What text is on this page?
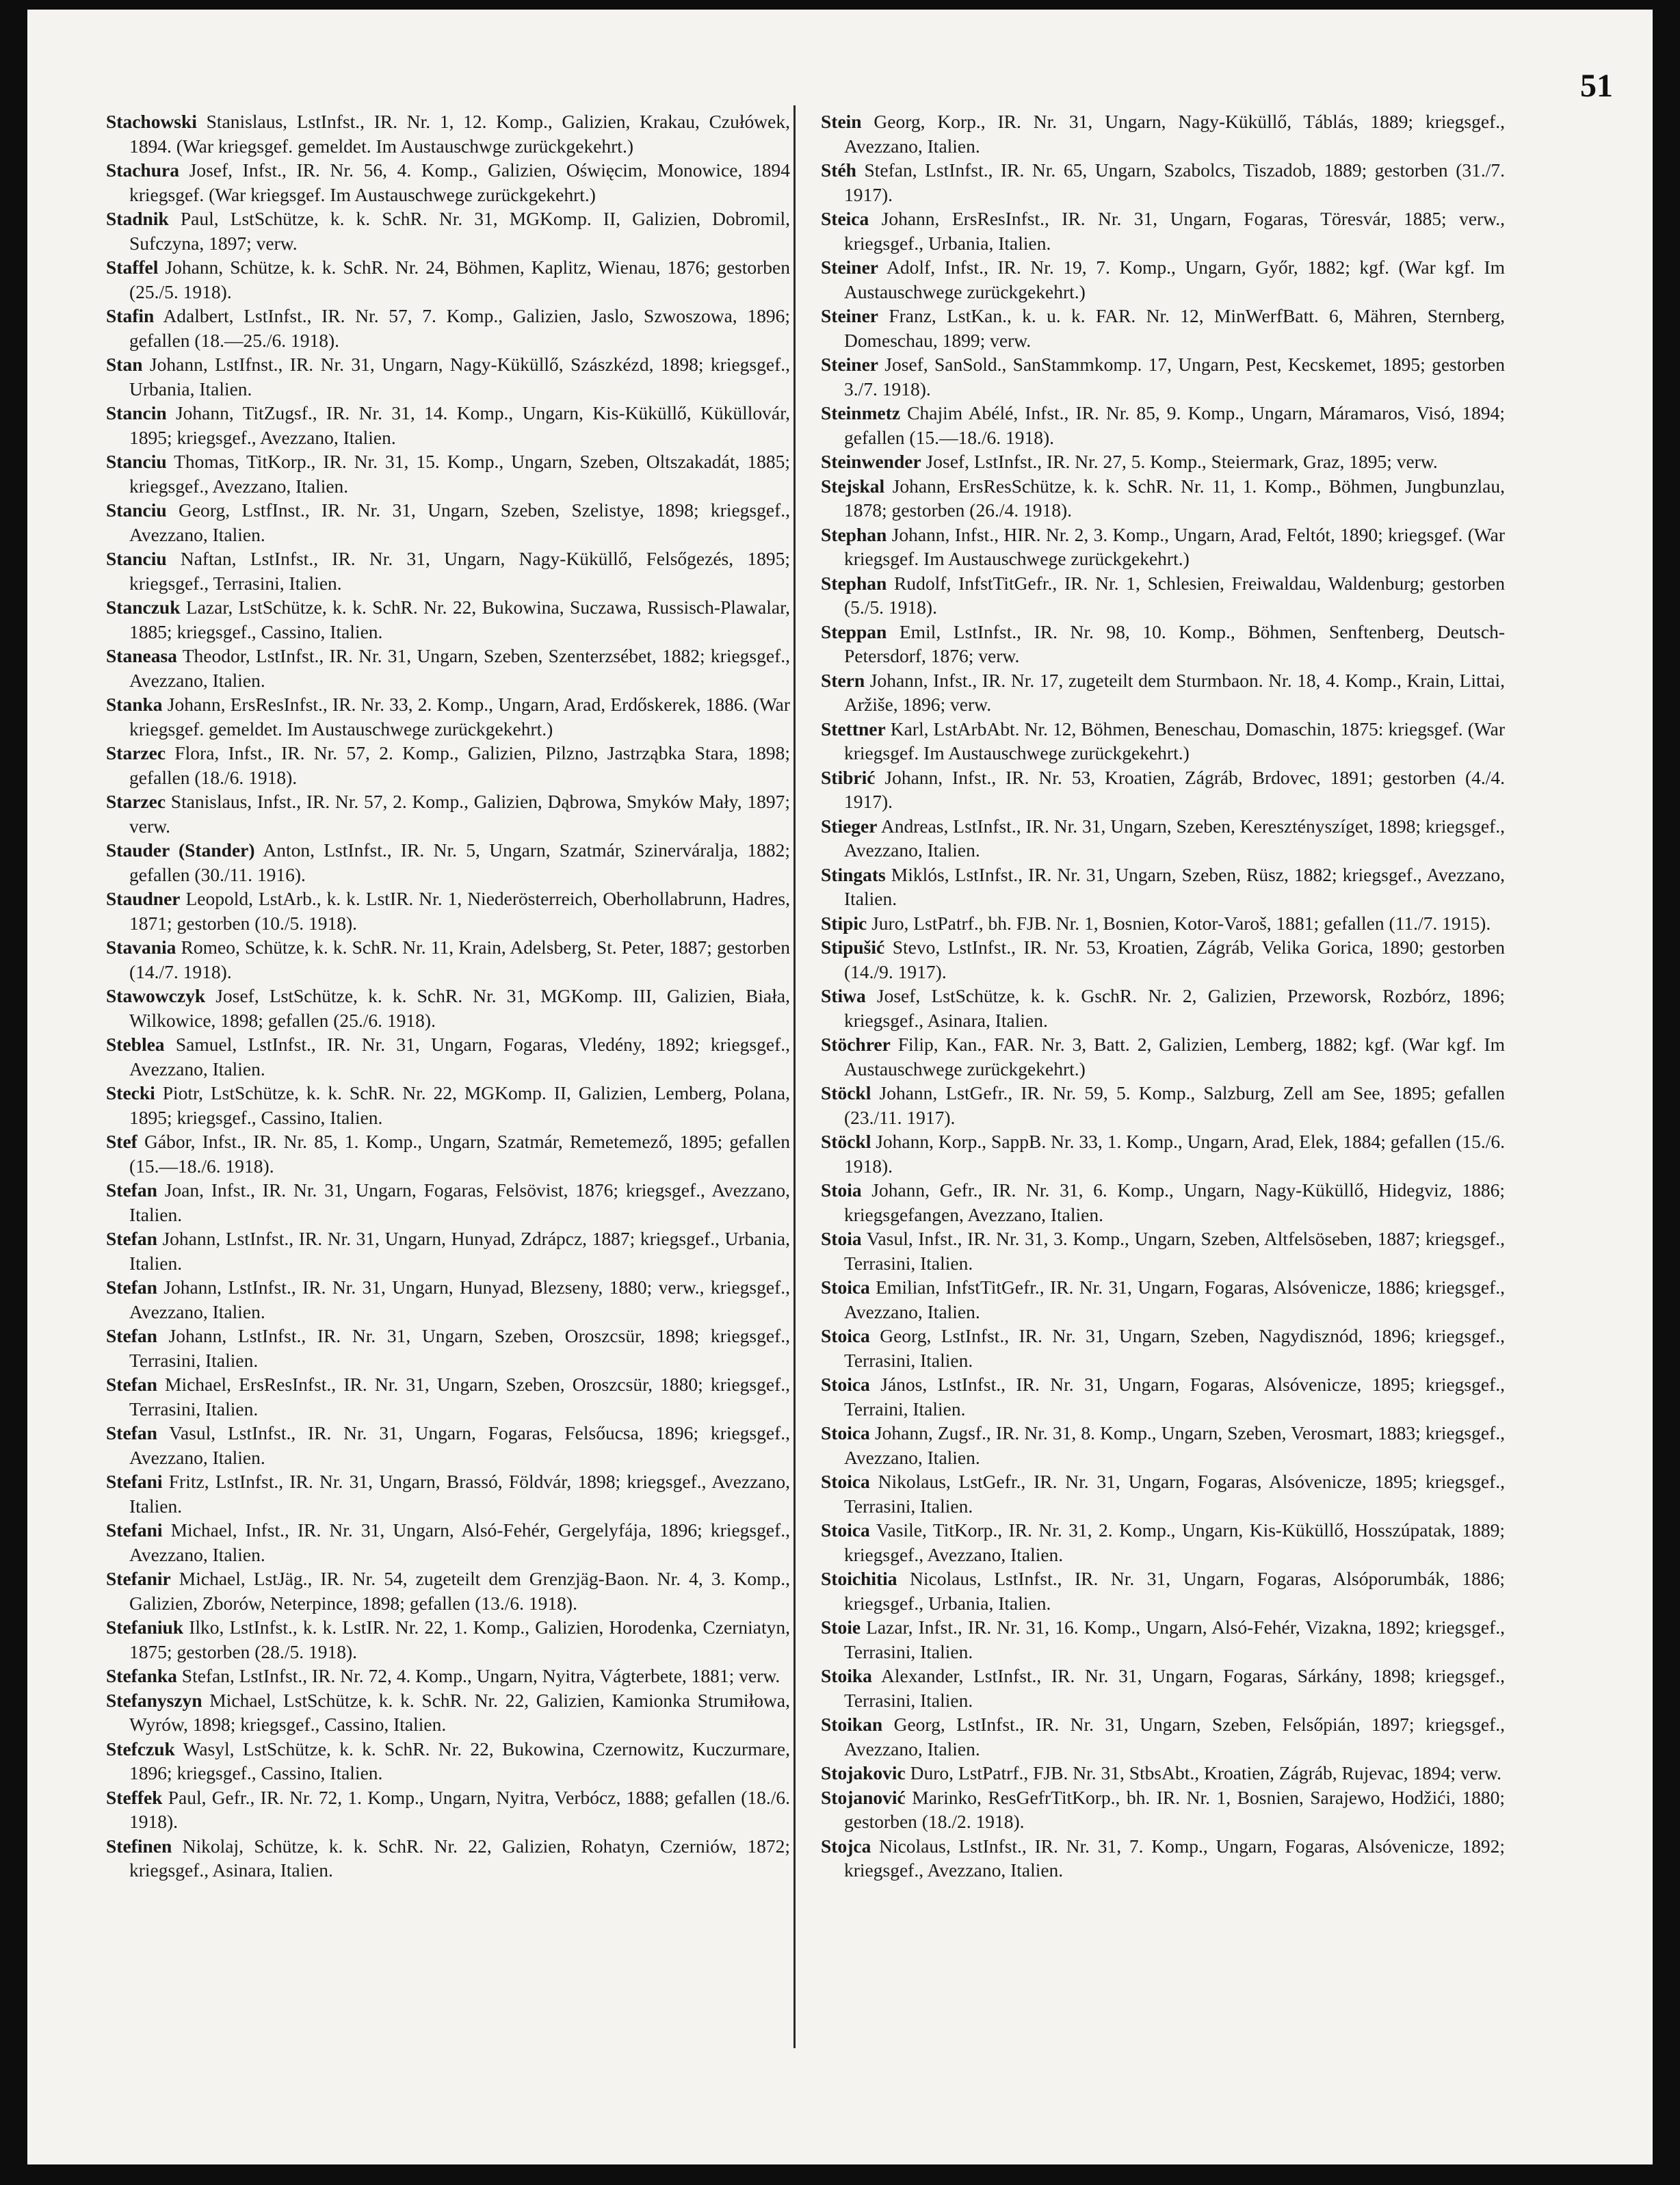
51

Stachowski Stanislaus, LstInfst., IR. Nr. 1, 12. Komp., Galizien, Krakau, Czułówek, 1894. (War kriegsgef. gemeldet. Im Austauschwge zurückgekehrt.)

Stachura Josef, Infst., IR. Nr. 56, 4. Komp., Galizien, Oświęcim, Monowice, 1894 kriegsgef. (War kriegsgef. Im Austauschwege zurückgekehrt.)

Stadnik Paul, LstSchütze, k. k. SchR. Nr. 31, MGKomp. II, Galizien, Dobromil, Sufczyna, 1897; verw.

Staffel Johann, Schütze, k. k. SchR. Nr. 24, Böhmen, Kaplitz, Wienau, 1876; gestorben (25./5. 1918).

Stafin Adalbert, LstInfst., IR. Nr. 57, 7. Komp., Galizien, Jaslo, Szwoszowa, 1896; gefallen (18.—25./6. 1918).

Stan Johann, LstIfnst., IR. Nr. 31, Ungarn, Nagy-Küküllő, Szászkézd, 1898; kriegsgef., Urbania, Italien.

Stancin Johann, TitZugsf., IR. Nr. 31, 14. Komp., Ungarn, Kis-Küküllő, Küküllovár, 1895; kriegsgef., Avezzano, Italien.

Stanciu Thomas, TitKorp., IR. Nr. 31, 15. Komp., Ungarn, Szeben, Oltszakadát, 1885; kriegsgef., Avezzano, Italien.

Stanciu Georg, LstfInst., IR. Nr. 31, Ungarn, Szeben, Szelistye, 1898; kriegsgef., Avezzano, Italien.

Stanciu Naftan, LstInfst., IR. Nr. 31, Ungarn, Nagy-Küküllő, Felsőgezés, 1895; kriegsgef., Terrasini, Italien.

Stanczuk Lazar, LstSchütze, k. k. SchR. Nr. 22, Bukowina, Suczawa, Russisch-Plawalar, 1885; kriegsgef., Cassino, Italien.

Staneasa Theodor, LstInfst., IR. Nr. 31, Ungarn, Szeben, Szenterzsébet, 1882; kriegsgef., Avezzano, Italien.

Stanka Johann, ErsResInfst., IR. Nr. 33, 2. Komp., Ungarn, Arad, Erdőskerek, 1886. (War kriegsgef. gemeldet. Im Austauschwege zurückgekehrt.)

Starzec Flora, Infst., IR. Nr. 57, 2. Komp., Galizien, Pilzno, Jastrząbka Stara, 1898; gefallen (18./6. 1918).

Starzec Stanislaus, Infst., IR. Nr. 57, 2. Komp., Galizien, Dąbrowa, Smyków Mały, 1897; verw.

Stauder (Stander) Anton, LstInfst., IR. Nr. 5, Ungarn, Szatmár, Szinerváralja, 1882; gefallen (30./11. 1916).

Staudner Leopold, LstArb., k. k. LstIR. Nr. 1, Niederösterreich, Oberhollabrunn, Hadres, 1871; gestorben (10./5. 1918).

Stavania Romeo, Schütze, k. k. SchR. Nr. 11, Krain, Adelsberg, St. Peter, 1887; gestorben (14./7. 1918).

Stawowczyk Josef, LstSchütze, k. k. SchR. Nr. 31, MGKomp. III, Galizien, Biała, Wilkowice, 1898; gefallen (25./6. 1918).

Steblea Samuel, LstInfst., IR. Nr. 31, Ungarn, Fogaras, Vledény, 1892; kriegsgef., Avezzano, Italien.

Stecki Piotr, LstSchütze, k. k. SchR. Nr. 22, MGKomp. II, Galizien, Lemberg, Polana, 1895; kriegsgef., Cassino, Italien.

Stef Gábor, Infst., IR. Nr. 85, 1. Komp., Ungarn, Szatmár, Remetemező, 1895; gefallen (15.—18./6. 1918).

Stefan Joan, Infst., IR. Nr. 31, Ungarn, Fogaras, Felsövist, 1876; kriegsgef., Avezzano, Italien.

Stefan Johann, LstInfst., IR. Nr. 31, Ungarn, Hunyad, Zdrápcz, 1887; kriegsgef., Urbania, Italien.

Stefan Johann, LstInfst., IR. Nr. 31, Ungarn, Hunyad, Blezseny, 1880; verw., kriegsgef., Avezzano, Italien.

Stefan Johann, LstInfst., IR. Nr. 31, Ungarn, Szeben, Oroszcsür, 1898; kriegsgef., Terrasini, Italien.

Stefan Michael, ErsResInfst., IR. Nr. 31, Ungarn, Szeben, Oroszcsür, 1880; kriegsgef., Terrasini, Italien.

Stefan Vasul, LstInfst., IR. Nr. 31, Ungarn, Fogaras, Felsőucsa, 1896; kriegsgef., Avezzano, Italien.

Stefani Fritz, LstInfst., IR. Nr. 31, Ungarn, Brassó, Földvár, 1898; kriegsgef., Avezzano, Italien.

Stefani Michael, Infst., IR. Nr. 31, Ungarn, Alsó-Fehér, Gergelyfája, 1896; kriegsgef., Avezzano, Italien.

Stefanir Michael, LstJäg., IR. Nr. 54, zugeteilt dem Grenzjäg-Baon. Nr. 4, 3. Komp., Galizien, Zborów, Neterpince, 1898; gefallen (13./6. 1918).

Stefaniuk Ilko, LstInfst., k. k. LstIR. Nr. 22, 1. Komp., Galizien, Horodenka, Czerniatyn, 1875; gestorben (28./5. 1918).

Stefanka Stefan, LstInfst., IR. Nr. 72, 4. Komp., Ungarn, Nyitra, Vágterbete, 1881; verw.

Stefanyszyn Michael, LstSchütze, k. k. SchR. Nr. 22, Galizien, Kamionka Strumiłowa, Wyrów, 1898; kriegsgef., Cassino, Italien.

Stefczuk Wasyl, LstSchütze, k. k. SchR. Nr. 22, Bukowina, Czernowitz, Kuczurmare, 1896; kriegsgef., Cassino, Italien.

Steffek Paul, Gefr., IR. Nr. 72, 1. Komp., Ungarn, Nyitra, Verbócz, 1888; gefallen (18./6. 1918).

Stefinen Nikolaj, Schütze, k. k. SchR. Nr. 22, Galizien, Rohatyn, Czerniów, 1872; kriegsgef., Asinara, Italien.

Stein Georg, Korp., IR. Nr. 31, Ungarn, Nagy-Küküllő, Táblás, 1889; kriegsgef., Avezzano, Italien.

Stéh Stefan, LstInfst., IR. Nr. 65, Ungarn, Szabolcs, Tiszadob, 1889; gestorben (31./7. 1917).

Steica Johann, ErsResInfst., IR. Nr. 31, Ungarn, Fogaras, Töresvár, 1885; verw., kriegsgef., Urbania, Italien.

Steiner Adolf, Infst., IR. Nr. 19, 7. Komp., Ungarn, Győr, 1882; kgf. (War kgf. Im Austauschwege zurückgekehrt.)

Steiner Franz, LstKan., k. u. k. FAR. Nr. 12, MinWerfBatt. 6, Mähren, Sternberg, Domeschau, 1899; verw.

Steiner Josef, SanSold., SanStammkomp. 17, Ungarn, Pest, Kecskemet, 1895; gestorben 3./7. 1918).

Steinmetz Chajim Abélé, Infst., IR. Nr. 85, 9. Komp., Ungarn, Máramaros, Visó, 1894; gefallen (15.—18./6. 1918).

Steinwender Josef, LstInfst., IR. Nr. 27, 5. Komp., Steiermark, Graz, 1895; verw.

Stejskal Johann, ErsResSchütze, k. k. SchR. Nr. 11, 1. Komp., Böhmen, Jungbunzlau, 1878; gestorben (26./4. 1918).

Stephan Johann, Infst., HIR. Nr. 2, 3. Komp., Ungarn, Arad, Feltót, 1890; kriegsgef. (War kriegsgef. Im Austauschwege zurückgekehrt.)

Stephan Rudolf, InfstTitGefr., IR. Nr. 1, Schlesien, Freiwaldau, Waldenburg; gestorben (5./5. 1918).

Steppan Emil, LstInfst., IR. Nr. 98, 10. Komp., Böhmen, Senftenberg, Deutsch-Petersdorf, 1876; verw.

Stern Johann, Infst., IR. Nr. 17, zugeteilt dem Sturmbaon. Nr. 18, 4. Komp., Krain, Littai, Aržiše, 1896; verw.

Stettner Karl, LstArbAbt. Nr. 12, Böhmen, Beneschau, Domaschin, 1875: kriegsgef. (War kriegsgef. Im Austauschwege zurückgekehrt.)

Stibrić Johann, Infst., IR. Nr. 53, Kroatien, Zágráb, Brdovec, 1891; gestorben (4./4. 1917).

Stieger Andreas, LstInfst., IR. Nr. 31, Ungarn, Szeben, Keresztényszíget, 1898; kriegsgef., Avezzano, Italien.

Stingats Miklós, LstInfst., IR. Nr. 31, Ungarn, Szeben, Rüsz, 1882; kriegsgef., Avezzano, Italien.

Stipic Juro, LstPatrf., bh. FJB. Nr. 1, Bosnien, Kotor-Varoš, 1881; gefallen (11./7. 1915).

Stipušić Stevo, LstInfst., IR. Nr. 53, Kroatien, Zágráb, Velika Gorica, 1890; gestorben (14./9. 1917).

Stiwa Josef, LstSchütze, k. k. GschR. Nr. 2, Galizien, Przeworsk, Rozbórz, 1896; kriegsgef., Asinara, Italien.

Stöchrer Filip, Kan., FAR. Nr. 3, Batt. 2, Galizien, Lemberg, 1882; kgf. (War kgf. Im Austauschwege zurückgekehrt.)

Stöckl Johann, LstGefr., IR. Nr. 59, 5. Komp., Salzburg, Zell am See, 1895; gefallen (23./11. 1917).

Stöckl Johann, Korp., SappB. Nr. 33, 1. Komp., Ungarn, Arad, Elek, 1884; gefallen (15./6. 1918).

Stoia Johann, Gefr., IR. Nr. 31, 6. Komp., Ungarn, Nagy-Küküllő, Hidegviz, 1886; kriegsgefangen, Avezzano, Italien.

Stoia Vasul, Infst., IR. Nr. 31, 3. Komp., Ungarn, Szeben, Altfelsöseben, 1887; kriegsgef., Terrasini, Italien.

Stoica Emilian, InfstTitGefr., IR. Nr. 31, Ungarn, Fogaras, Alsóvenicze, 1886; kriegsgef., Avezzano, Italien.

Stoica Georg, LstInfst., IR. Nr. 31, Ungarn, Szeben, Nagydisznód, 1896; kriegsgef., Terrasini, Italien.

Stoica János, LstInfst., IR. Nr. 31, Ungarn, Fogaras, Alsóvenicze, 1895; kriegsgef., Terraini, Italien.

Stoica Johann, Zugsf., IR. Nr. 31, 8. Komp., Ungarn, Szeben, Verosmart, 1883; kriegsgef., Avezzano, Italien.

Stoica Nikolaus, LstGefr., IR. Nr. 31, Ungarn, Fogaras, Alsóvenicze, 1895; kriegsgef., Terrasini, Italien.

Stoica Vasile, TitKorp., IR. Nr. 31, 2. Komp., Ungarn, Kis-Küküllő, Hosszúpatak, 1889; kriegsgef., Avezzano, Italien.

Stoichitia Nicolaus, LstInfst., IR. Nr. 31, Ungarn, Fogaras, Alsóporumbák, 1886; kriegsgef., Urbania, Italien.

Stoie Lazar, Infst., IR. Nr. 31, 16. Komp., Ungarn, Alsó-Fehér, Vizakna, 1892; kriegsgef., Terrasini, Italien.

Stoika Alexander, LstInfst., IR. Nr. 31, Ungarn, Fogaras, Sárkány, 1898; kriegsgef., Terrasini, Italien.

Stoikan Georg, LstInfst., IR. Nr. 31, Ungarn, Szeben, Felsőpián, 1897; kriegsgef., Avezzano, Italien.

Stojakovic Duro, LstPatrf., FJB. Nr. 31, StbsAbt., Kroatien, Zágráb, Rujevac, 1894; verw.

Stojanović Marinko, ResGefrTitKorp., bh. IR. Nr. 1, Bosnien, Sarajewo, Hodžići, 1880; gestorben (18./2. 1918).

Stojca Nicolaus, LstInfst., IR. Nr. 31, 7. Komp., Ungarn, Fogaras, Alsóvenicze, 1892; kriegsgef., Avezzano, Italien.
